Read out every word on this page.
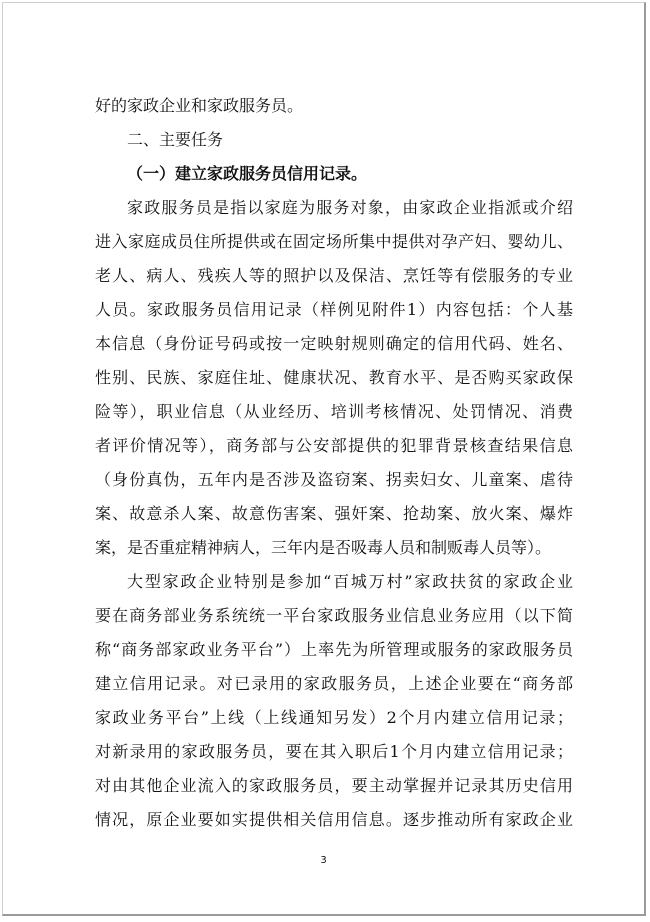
好的家政企业和家政服务员。
二、主要任务
（一）建立家政服务员信用记录。
家政服务员是指以家庭为服务对象，由家政企业指派或介绍
进入家庭成员住所提供或在固定场所集中提供对孕产妇、婴幼儿、
老人、病人、残疾人等的照护以及保洁、烹饪等有偿服务的专业
人员。家政服务员信用记录（样例见附件1）内容包括：个人基
本信息（身份证号码或按一定映射规则确定的信用代码、姓名、
性别、民族、家庭住址、健康状况、教育水平、是否购买家政保
险等），职业信息（从业经历、培训考核情况、处罚情况、消费
者评价情况等），商务部与公安部提供的犯罪背景核查结果信息
（身份真伪，五年内是否涉及盗窃案、拐卖妇女、儿童案、虐待
案、故意杀人案、故意伤害案、强奸案、抢劫案、放火案、爆炸
案，是否重症精神病人，三年内是否吸毒人员和制贩毒人员等）。
大型家政企业特别是参加“百城万村”家政扶贫的家政企业
要在商务部业务系统统一平台家政服务业信息业务应用（以下简
称“商务部家政业务平台”）上率先为所管理或服务的家政服务员
建立信用记录。对已录用的家政服务员，上述企业要在“商务部
家政业务平台”上线（上线通知另发）2个月内建立信用记录；
对新录用的家政服务员，要在其入职后1个月内建立信用记录；
对由其他企业流入的家政服务员，要主动掌握并记录其历史信用
情况，原企业要如实提供相关信用信息。逐步推动所有家政企业
3
